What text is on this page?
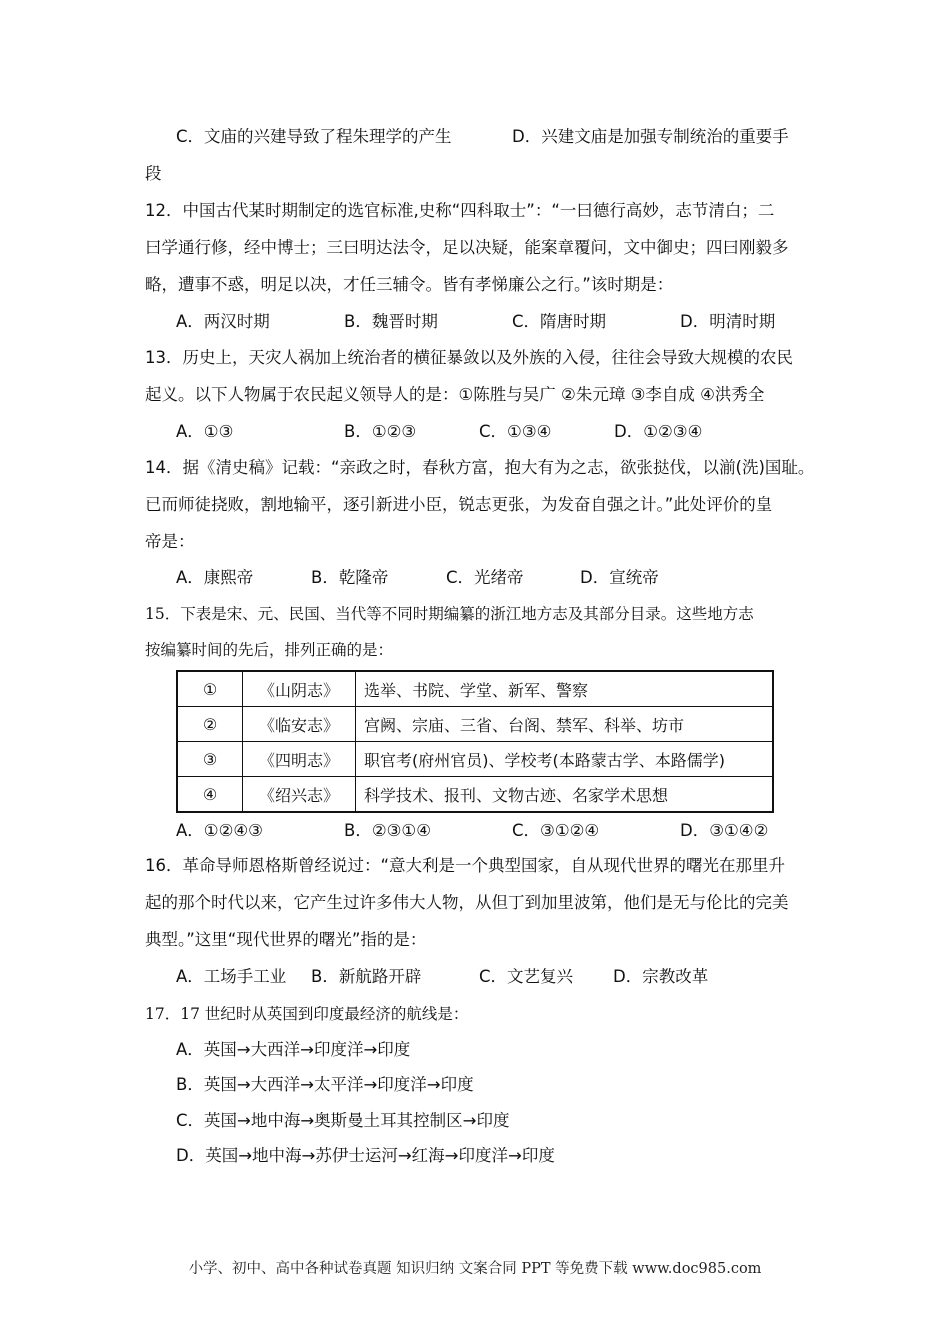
C．文庙的兴建导致了程朱理学的产生	D．兴建文庙是加强专制统治的重要手
段
12．中国古代某时期制定的选官标准,史称“四科取士”：“一曰德行高妙，志节清白；二
曰学通行修，经中博士；三曰明达法令，足以决疑，能案章覆问，文中御史；四曰刚毅多
略，遭事不惑，明足以决，才任三辅令。皆有孝悌廉公之行。”该时期是：
A．两汉时期	B．魏晋时期	C．隋唐时期	D．明清时期
13．历史上，天灾人祸加上统治者的横征暴敛以及外族的入侵，往往会导致大规模的农民
起义。以下人物属于农民起义领导人的是：①陈胜与吴广 ②朱元璋 ③李自成 ④洪秀全
A．①③	B．①②③	C．①③④	D．①②③④
14．据《清史稿》记载：“亲政之时，春秋方富，抱大有为之志，欲张挞伐，以湔(洗)国耻。
已而师徒挠败，割地输平，逐引新进小臣，锐志更张，为发奋自强之计。”此处评价的皇
帝是：
A．康熙帝	B．乾隆帝	C．光绪帝	D．宣统帝
15．下表是宋、元、民国、当代等不同时期编纂的浙江地方志及其部分目录。这些地方志
按编纂时间的先后，排列正确的是：
①	《山阴志》	选举、书院、学堂、新军、警察
②	《临安志》	宫阙、宗庙、三省、台阁、禁军、科举、坊市
③	《四明志》	职官考(府州官员)、学校考(本路蒙古学、本路儒学)
④	《绍兴志》	科学技术、报刊、文物古迹、名家学术思想
A．①②④③	B．②③①④	C．③①②④	D．③①④②
16．革命导师恩格斯曾经说过：“意大利是一个典型国家，自从现代世界的曙光在那里升
起的那个时代以来，它产生过许多伟大人物，从但丁到加里波第，他们是无与伦比的完美
典型。”这里“现代世界的曙光”指的是：
A．工场手工业 B．新航路开辟	C．文艺复兴 D．宗教改革
17．17 世纪时从英国到印度最经济的航线是：
A．英国→大西洋→印度洋→印度
B．英国→大西洋→太平洋→印度洋→印度
C．英国→地中海→奥斯曼土耳其控制区→印度
D．英国→地中海→苏伊士运河→红海→印度洋→印度
小学、初中、高中各种试卷真题 知识归纳 文案合同 PPT 等免费下载 www.doc985.com
